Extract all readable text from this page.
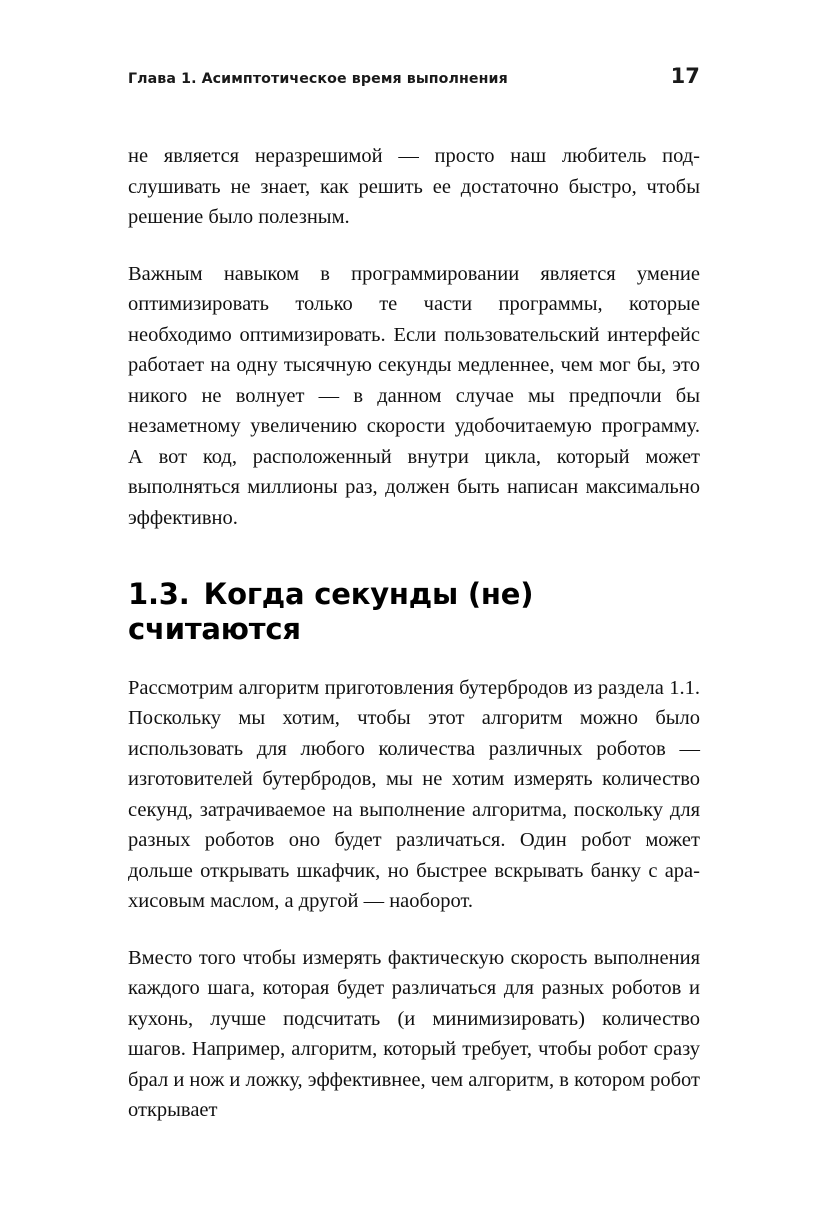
Глава 1. Асимптотическое время выполнения	17

не является неразрешимой — просто наш любитель подслушивать не знает, как решить ее достаточно быстро, чтобы решение было полезным.

Важным навыком в программировании является умение оптимизировать только те части программы, которые необходимо оптимизировать. Если пользовательский интерфейс работает на одну тысячную секунды медленнее, чем мог бы, это никого не волнует — в данном случае мы предпочли бы незаметному увеличению скорости удобочитаемую программу. А вот код, расположенный внутри цикла, который может выполняться миллионы раз, должен быть написан максимально эффективно.

1.3. Когда секунды (не) считаются

Рассмотрим алгоритм приготовления бутербродов из раздела 1.1. Поскольку мы хотим, чтобы этот алгоритм можно было использовать для любого количества различных роботов — изготовителей бутербродов, мы не хотим измерять количество секунд, затрачиваемое на выполнение алгоритма, поскольку для разных роботов оно будет различаться. Один робот может дольше открывать шкафчик, но быстрее вскрывать банку с арахисовым маслом, а другой — наоборот.

Вместо того чтобы измерять фактическую скорость выполнения каждого шага, которая будет различаться для разных роботов и кухонь, лучше подсчитать (и минимизировать) количество шагов. Например, алгоритм, который требует, чтобы робот сразу брал и нож и ложку, эффективнее, чем алгоритм, в котором робот открывает
